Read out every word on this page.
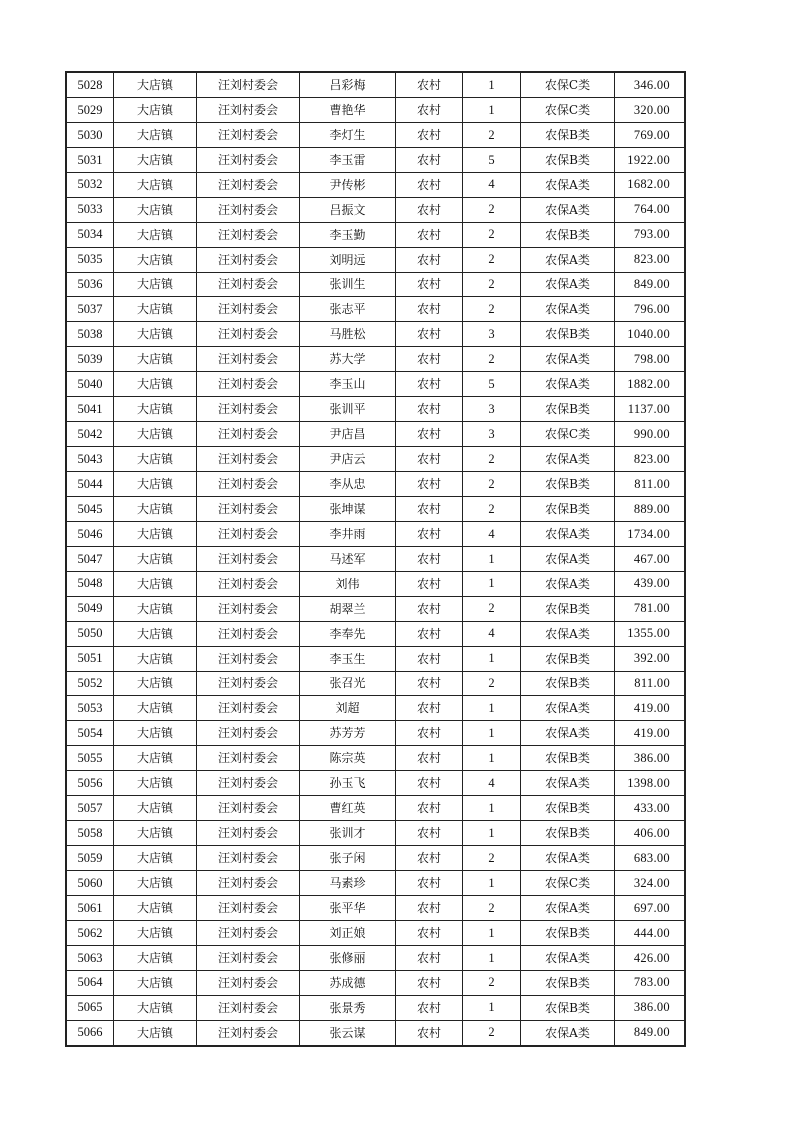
5028	大店镇	汪刘村委会	吕彩梅	农村	1	农保C类	346.00
5029	大店镇	汪刘村委会	曹艳华	农村	1	农保C类	320.00
5030	大店镇	汪刘村委会	李灯生	农村	2	农保B类	769.00
5031	大店镇	汪刘村委会	李玉雷	农村	5	农保B类	1922.00
5032	大店镇	汪刘村委会	尹传彬	农村	4	农保A类	1682.00
5033	大店镇	汪刘村委会	吕振文	农村	2	农保A类	764.00
5034	大店镇	汪刘村委会	李玉勤	农村	2	农保B类	793.00
5035	大店镇	汪刘村委会	刘明远	农村	2	农保A类	823.00
5036	大店镇	汪刘村委会	张训生	农村	2	农保A类	849.00
5037	大店镇	汪刘村委会	张志平	农村	2	农保A类	796.00
5038	大店镇	汪刘村委会	马胜松	农村	3	农保B类	1040.00
5039	大店镇	汪刘村委会	苏大学	农村	2	农保A类	798.00
5040	大店镇	汪刘村委会	李玉山	农村	5	农保A类	1882.00
5041	大店镇	汪刘村委会	张训平	农村	3	农保B类	1137.00
5042	大店镇	汪刘村委会	尹店昌	农村	3	农保C类	990.00
5043	大店镇	汪刘村委会	尹店云	农村	2	农保A类	823.00
5044	大店镇	汪刘村委会	李从忠	农村	2	农保B类	811.00
5045	大店镇	汪刘村委会	张坤谋	农村	2	农保B类	889.00
5046	大店镇	汪刘村委会	李井雨	农村	4	农保A类	1734.00
5047	大店镇	汪刘村委会	马述军	农村	1	农保A类	467.00
5048	大店镇	汪刘村委会	刘伟	农村	1	农保A类	439.00
5049	大店镇	汪刘村委会	胡翠兰	农村	2	农保B类	781.00
5050	大店镇	汪刘村委会	李奉先	农村	4	农保A类	1355.00
5051	大店镇	汪刘村委会	李玉生	农村	1	农保B类	392.00
5052	大店镇	汪刘村委会	张召光	农村	2	农保B类	811.00
5053	大店镇	汪刘村委会	刘超	农村	1	农保A类	419.00
5054	大店镇	汪刘村委会	苏芳芳	农村	1	农保A类	419.00
5055	大店镇	汪刘村委会	陈宗英	农村	1	农保B类	386.00
5056	大店镇	汪刘村委会	孙玉飞	农村	4	农保A类	1398.00
5057	大店镇	汪刘村委会	曹红英	农村	1	农保B类	433.00
5058	大店镇	汪刘村委会	张训才	农村	1	农保B类	406.00
5059	大店镇	汪刘村委会	张子闲	农村	2	农保A类	683.00
5060	大店镇	汪刘村委会	马素珍	农村	1	农保C类	324.00
5061	大店镇	汪刘村委会	张平华	农村	2	农保A类	697.00
5062	大店镇	汪刘村委会	刘正娘	农村	1	农保B类	444.00
5063	大店镇	汪刘村委会	张修丽	农村	1	农保A类	426.00
5064	大店镇	汪刘村委会	苏成德	农村	2	农保B类	783.00
5065	大店镇	汪刘村委会	张景秀	农村	1	农保B类	386.00
5066	大店镇	汪刘村委会	张云谋	农村	2	农保A类	849.00
